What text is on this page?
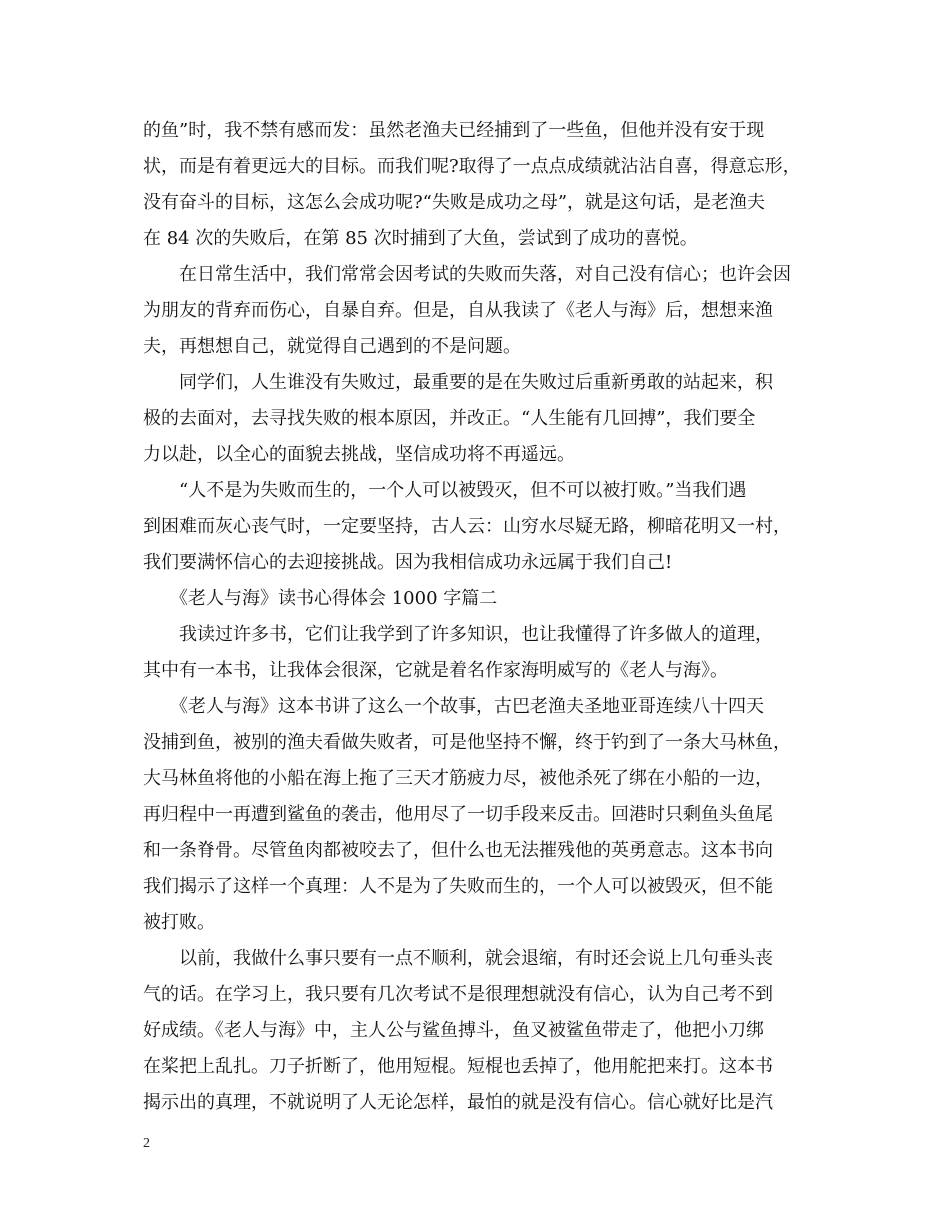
的鱼”时，我不禁有感而发：虽然老渔夫已经捕到了一些鱼，但他并没有安于现
状，而是有着更远大的目标。而我们呢?取得了一点点成绩就沾沾自喜，得意忘形，
没有奋斗的目标，这怎么会成功呢?“失败是成功之母”，就是这句话，是老渔夫
在 84 次的失败后，在第 85 次时捕到了大鱼，尝试到了成功的喜悦。
　　在日常生活中，我们常常会因考试的失败而失落，对自己没有信心；也许会因
为朋友的背弃而伤心，自暴自弃。但是，自从我读了《老人与海》后，想想来渔
夫，再想想自己，就觉得自己遇到的不是问题。
　　同学们，人生谁没有失败过，最重要的是在失败过后重新勇敢的站起来，积
极的去面对，去寻找失败的根本原因，并改正。“人生能有几回搏”，我们要全
力以赴，以全心的面貌去挑战，坚信成功将不再遥远。
　　“人不是为失败而生的，一个人可以被毁灭，但不可以被打败。”当我们遇
到困难而灰心丧气时，一定要坚持，古人云：山穷水尽疑无路，柳暗花明又一村，
我们要满怀信心的去迎接挑战。因为我相信成功永远属于我们自己!
　　《老人与海》读书心得体会 1000 字篇二
　　我读过许多书，它们让我学到了许多知识，也让我懂得了许多做人的道理，
其中有一本书，让我体会很深，它就是着名作家海明威写的《老人与海》。
　　《老人与海》这本书讲了这么一个故事，古巴老渔夫圣地亚哥连续八十四天
没捕到鱼，被别的渔夫看做失败者，可是他坚持不懈，终于钓到了一条大马林鱼，
大马林鱼将他的小船在海上拖了三天才筋疲力尽，被他杀死了绑在小船的一边，
再归程中一再遭到鲨鱼的袭击，他用尽了一切手段来反击。回港时只剩鱼头鱼尾
和一条脊骨。尽管鱼肉都被咬去了，但什么也无法摧残他的英勇意志。这本书向
我们揭示了这样一个真理：人不是为了失败而生的，一个人可以被毁灭，但不能
被打败。
　　以前，我做什么事只要有一点不顺利，就会退缩，有时还会说上几句垂头丧
气的话。在学习上，我只要有几次考试不是很理想就没有信心，认为自己考不到
好成绩。《老人与海》中，主人公与鲨鱼搏斗，鱼叉被鲨鱼带走了，他把小刀绑
在桨把上乱扎。刀子折断了，他用短棍。短棍也丢掉了，他用舵把来打。这本书
揭示出的真理，不就说明了人无论怎样，最怕的就是没有信心。信心就好比是汽
2
